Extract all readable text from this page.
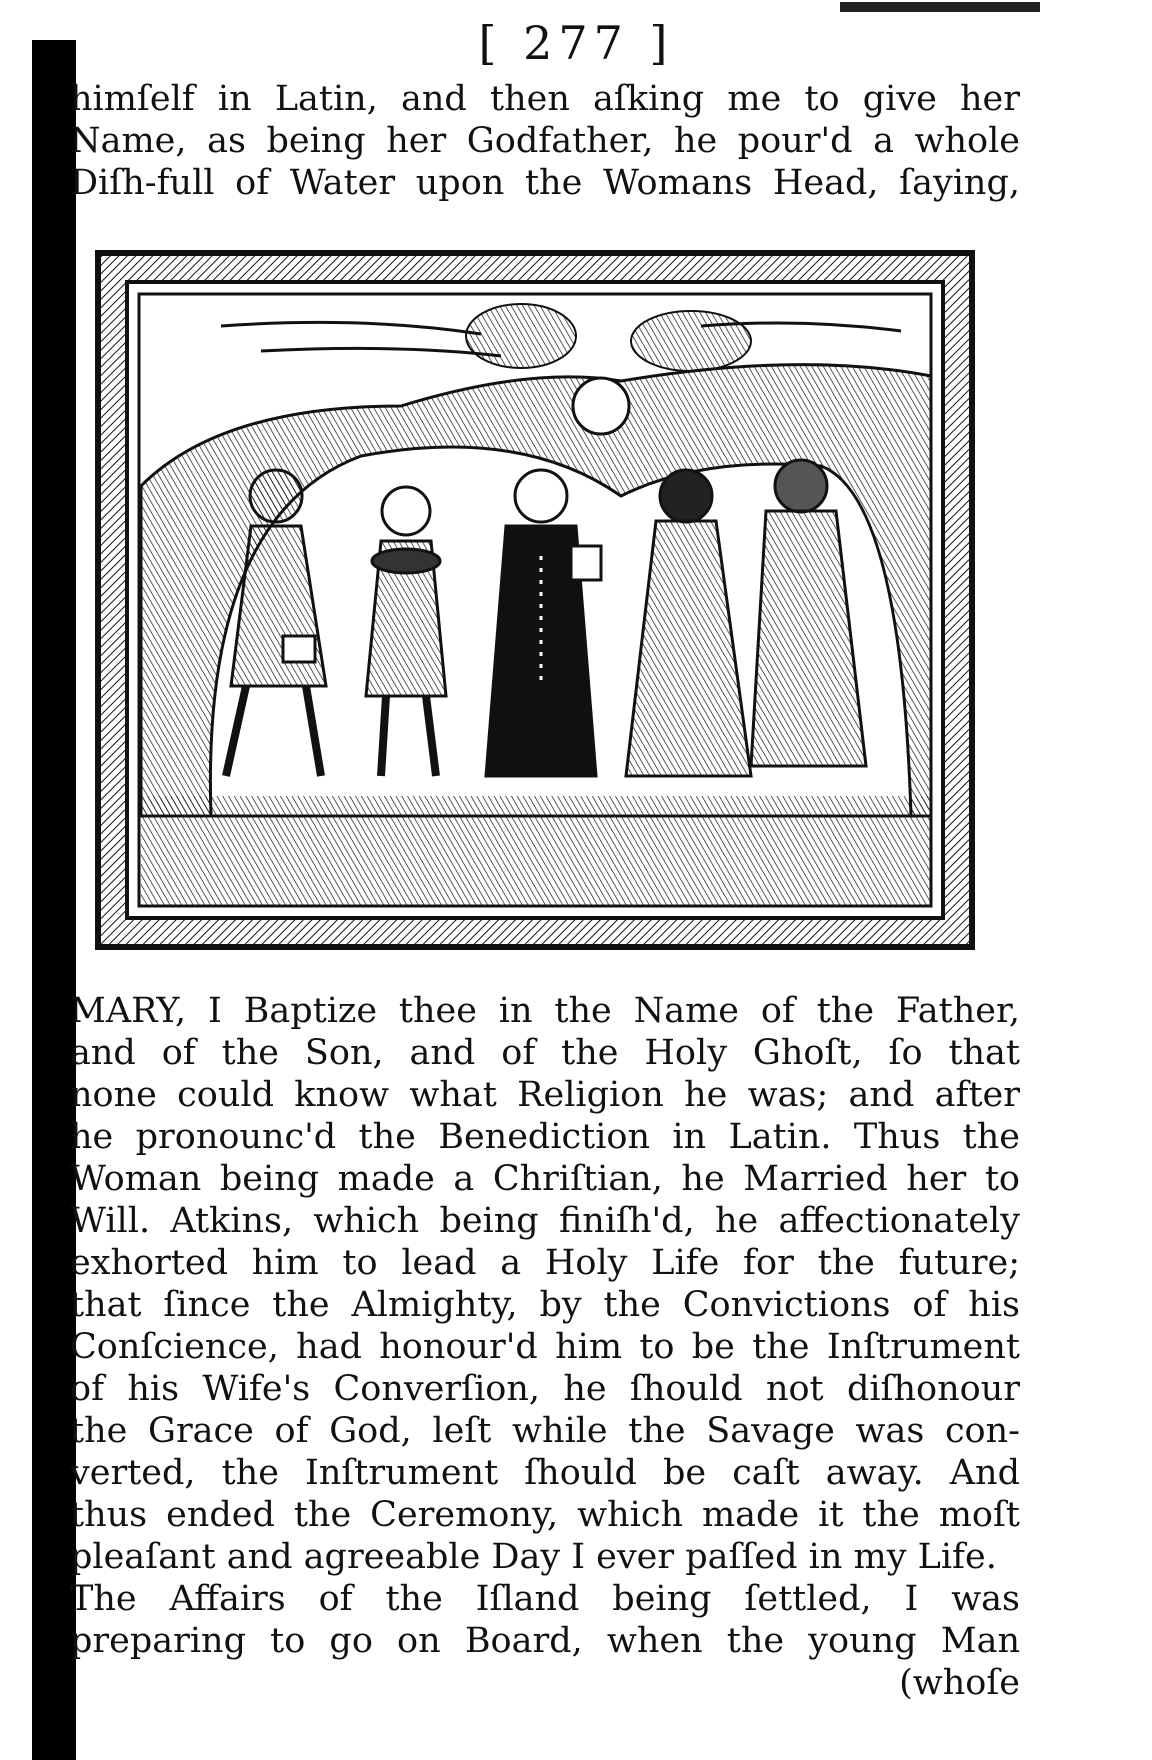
[ 277 ]
himſelf in Latin, and then aſking me to give her
Name, as being her Godfather, he pour'd a whole
Diſh-full of Water upon the Womans Head, ſaying,
MARY, I Baptize thee in the Name of the Father,
and of the Son, and of the Holy Ghoſt, ſo that
none could know what Religion he was; and after
he pronounc'd the Benediction in Latin. Thus the
Woman being made a Chriſtian, he Married her to
Will. Atkins, which being finiſh'd, he affectionately
exhorted him to lead a Holy Life for the future;
that ſince the Almighty, by the Convictions of his
Conſcience, had honour'd him to be the Inſtrument
of his Wife's Converſion, he ſhould not diſhonour
the Grace of God, leſt while the Savage was con-
verted, the Inſtrument ſhould be caſt away. And
thus ended the Ceremony, which made it the moſt
pleaſant and agreeable Day I ever paſſed in my Life.
The Affairs of the Iſland being ſettled, I was
preparing to go on Board, when the young Man
(whoſe
